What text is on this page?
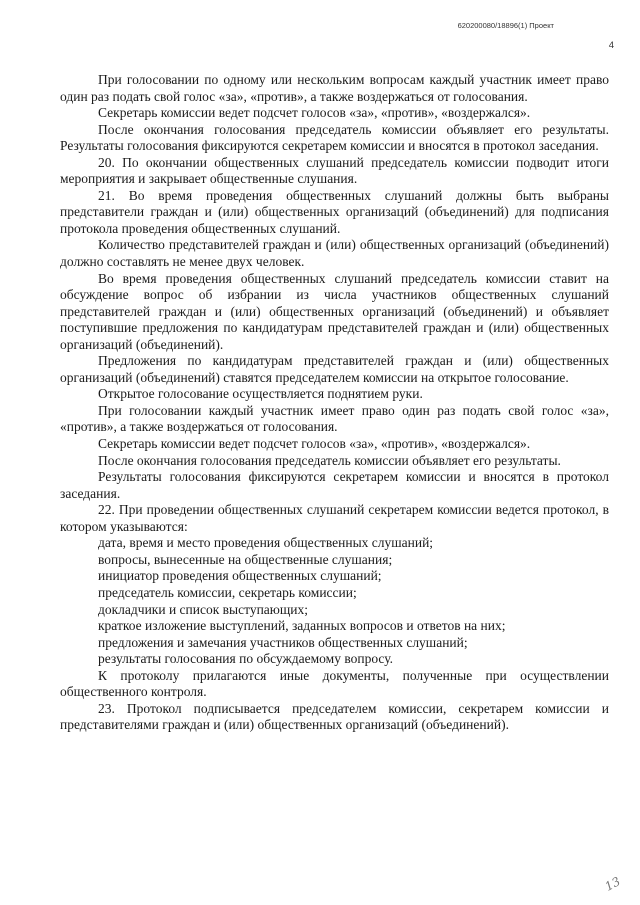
620200080/18896(1) Проект
4

При голосовании по одному или нескольким вопросам каждый участник имеет право один раз подать свой голос «за», «против», а также воздержаться от голосования.

Секретарь комиссии ведет подсчет голосов «за», «против», «воздержался».

После окончания голосования председатель комиссии объявляет его результаты. Результаты голосования фиксируются секретарем комиссии и вносятся в протокол заседания.

20. По окончании общественных слушаний председатель комиссии подводит итоги мероприятия и закрывает общественные слушания.

21. Во время проведения общественных слушаний должны быть выбраны представители граждан и (или) общественных организаций (объединений) для подписания протокола проведения общественных слушаний.

Количество представителей граждан и (или) общественных организаций (объединений) должно составлять не менее двух человек.

Во время проведения общественных слушаний председатель комиссии ставит на обсуждение вопрос об избрании из числа участников общественных слушаний представителей граждан и (или) общественных организаций (объединений) и объявляет поступившие предложения по кандидатурам представителей граждан и (или) общественных организаций (объединений).

Предложения по кандидатурам представителей граждан и (или) общественных организаций (объединений) ставятся председателем комиссии на открытое голосование.

Открытое голосование осуществляется поднятием руки.

При голосовании каждый участник имеет право один раз подать свой голос «за», «против», а также воздержаться от голосования.

Секретарь комиссии ведет подсчет голосов «за», «против», «воздержался».

После окончания голосования председатель комиссии объявляет его результаты.

Результаты голосования фиксируются секретарем комиссии и вносятся в протокол заседания.

22. При проведении общественных слушаний секретарем комиссии ведется протокол, в котором указываются:

дата, время и место проведения общественных слушаний;

вопросы, вынесенные на общественные слушания;

инициатор проведения общественных слушаний;

председатель комиссии, секретарь комиссии;

докладчики и список выступающих;

краткое изложение выступлений, заданных вопросов и ответов на них;

предложения и замечания участников общественных слушаний;

результаты голосования по обсуждаемому вопросу.

К протоколу прилагаются иные документы, полученные при осуществлении общественного контроля.

23. Протокол подписывается председателем комиссии, секретарем комиссии и представителями граждан и (или) общественных организаций (объединений).

13
